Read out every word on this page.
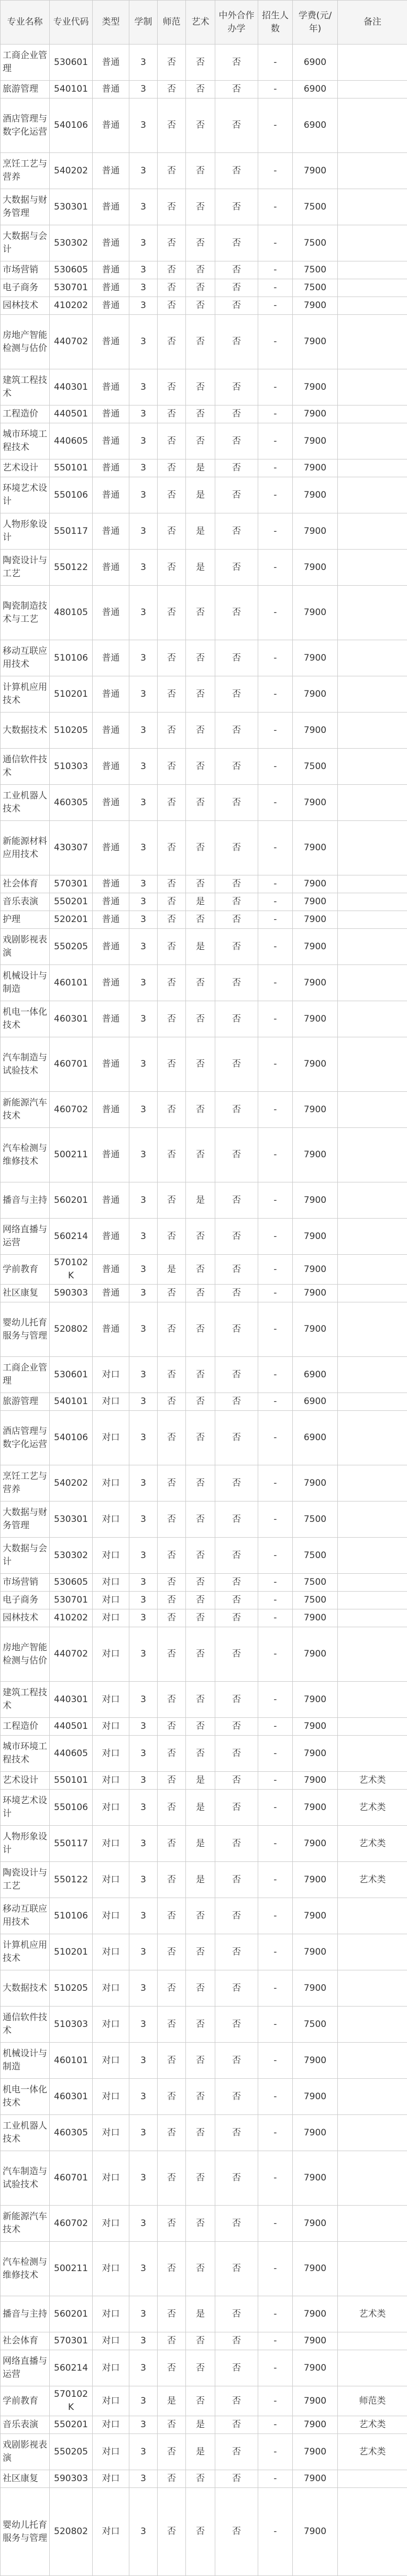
专业名称	专业代码	类型	学制	师范	艺术	中外合作办学	招生人数	学费(元/年)	备注
工商企业管理	530601	普通	3	否	否	否	-	6900	
旅游管理	540101	普通	3	否	否	否	-	6900	
酒店管理与数字化运营	540106	普通	3	否	否	否	-	6900	
烹饪工艺与营养	540202	普通	3	否	否	否	-	7900	
大数据与财务管理	530301	普通	3	否	否	否	-	7500	
大数据与会计	530302	普通	3	否	否	否	-	7500	
市场营销	530605	普通	3	否	否	否	-	7500	
电子商务	530701	普通	3	否	否	否	-	7500	
园林技术	410202	普通	3	否	否	否	-	7900	
房地产智能检测与估价	440702	普通	3	否	否	否	-	7900	
建筑工程技术	440301	普通	3	否	否	否	-	7900	
工程造价	440501	普通	3	否	否	否	-	7900	
城市环境工程技术	440605	普通	3	否	否	否	-	7900	
艺术设计	550101	普通	3	否	是	否	-	7900	
环境艺术设计	550106	普通	3	否	是	否	-	7900	
人物形象设计	550117	普通	3	否	是	否	-	7900	
陶瓷设计与工艺	550122	普通	3	否	是	否	-	7900	
陶瓷制造技术与工艺	480105	普通	3	否	否	否	-	7900	
移动互联应用技术	510106	普通	3	否	否	否	-	7900	
计算机应用技术	510201	普通	3	否	否	否	-	7900	
大数据技术	510205	普通	3	否	否	否	-	7900	
通信软件技术	510303	普通	3	否	否	否	-	7500	
工业机器人技术	460305	普通	3	否	否	否	-	7900	
新能源材料应用技术	430307	普通	3	否	否	否	-	7900	
社会体育	570301	普通	3	否	否	否	-	7900	
音乐表演	550201	普通	3	否	是	否	-	7900	
护理	520201	普通	3	否	否	否	-	7900	
戏剧影视表演	550205	普通	3	否	是	否	-	7900	
机械设计与制造	460101	普通	3	否	否	否	-	7900	
机电一体化技术	460301	普通	3	否	否	否	-	7900	
汽车制造与试验技术	460701	普通	3	否	否	否	-	7900	
新能源汽车技术	460702	普通	3	否	否	否	-	7900	
汽车检测与维修技术	500211	普通	3	否	否	否	-	7900	
播音与主持	560201	普通	3	否	是	否	-	7900	
网络直播与运营	560214	普通	3	否	否	否	-	7900	
学前教育	570102K	普通	3	是	否	否	-	7900	
社区康复	590303	普通	3	否	否	否	-	7900	
婴幼儿托育服务与管理	520802	普通	3	否	否	否	-	7900	
工商企业管理	530601	对口	3	否	否	否	-	6900	
旅游管理	540101	对口	3	否	否	否	-	6900	
酒店管理与数字化运营	540106	对口	3	否	否	否	-	6900	
烹饪工艺与营养	540202	对口	3	否	否	否	-	7900	
大数据与财务管理	530301	对口	3	否	否	否	-	7500	
大数据与会计	530302	对口	3	否	否	否	-	7500	
市场营销	530605	对口	3	否	否	否	-	7500	
电子商务	530701	对口	3	否	否	否	-	7500	
园林技术	410202	对口	3	否	否	否	-	7900	
房地产智能检测与估价	440702	对口	3	否	否	否	-	7900	
建筑工程技术	440301	对口	3	否	否	否	-	7900	
工程造价	440501	对口	3	否	否	否	-	7900	
城市环境工程技术	440605	对口	3	否	否	否	-	7900	
艺术设计	550101	对口	3	否	是	否	-	7900	艺术类
环境艺术设计	550106	对口	3	否	是	否	-	7900	艺术类
人物形象设计	550117	对口	3	否	是	否	-	7900	艺术类
陶瓷设计与工艺	550122	对口	3	否	是	否	-	7900	艺术类
移动互联应用技术	510106	对口	3	否	否	否	-	7900	
计算机应用技术	510201	对口	3	否	否	否	-	7900	
大数据技术	510205	对口	3	否	否	否	-	7900	
通信软件技术	510303	对口	3	否	否	否	-	7500	
机械设计与制造	460101	对口	3	否	否	否	-	7900	
机电一体化技术	460301	对口	3	否	否	否	-	7900	
工业机器人技术	460305	对口	3	否	否	否	-	7900	
汽车制造与试验技术	460701	对口	3	否	否	否	-	7900	
新能源汽车技术	460702	对口	3	否	否	否	-	7900	
汽车检测与维修技术	500211	对口	3	否	否	否	-	7900	
播音与主持	560201	对口	3	否	是	否	-	7900	艺术类
社会体育	570301	对口	3	否	否	否	-	7900	
网络直播与运营	560214	对口	3	否	否	否	-	7900	
学前教育	570102K	对口	3	是	否	否	-	7900	师范类
音乐表演	550201	对口	3	否	是	否	-	7900	艺术类
戏剧影视表演	550205	对口	3	否	是	否	-	7900	艺术类
社区康复	590303	对口	3	否	否	否	-	7900	
婴幼儿托育服务与管理	520802	对口	3	否	否	否	-	7900	
